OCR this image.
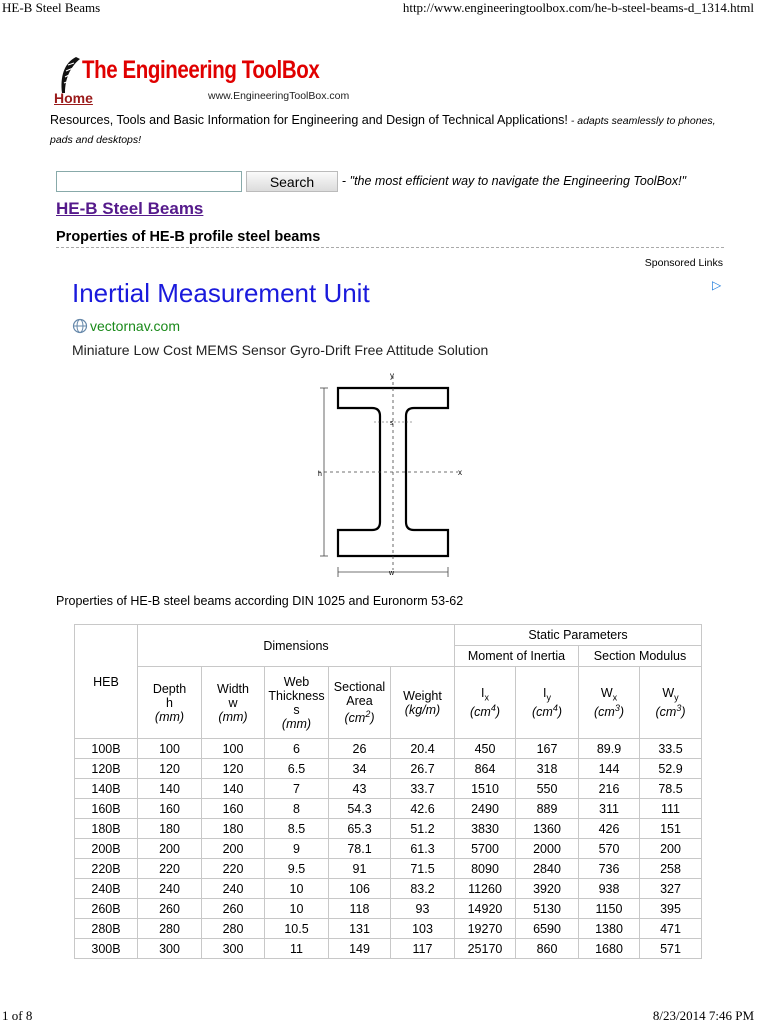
HE-B Steel Beams	http://www.engineeringtoolbox.com/he-b-steel-beams-d_1314.html
The Engineering ToolBox
www.EngineeringToolBox.com
Home
Resources, Tools and Basic Information for Engineering and Design of Technical Applications! - adapts seamlessly to phones, pads and desktops!
Search	- "the most efficient way to navigate the Engineering ToolBox!"
HE-B Steel Beams
Properties of HE-B profile steel beams
Sponsored Links
Inertial Measurement Unit
vectornav.com
Miniature Low Cost MEMS Sensor Gyro-Drift Free Attitude Solution
▷
y
x
s
h
w
Properties of HE-B steel beams according DIN 1025 and Euronorm 53-62
HEB	Dimensions					Static Parameters			
						Moment of Inertia		Section Modulus	
	Depth
h
(mm)	Width
w
(mm)	Web
Thickness
s
(mm)	Sectional
Area
$(cm^2)$	Weight
(kg/m)	$I_x$
$(cm^4)$	$I_y$
$(cm^4)$	$W_x$
$(cm^3)$	$W_y$
$(cm^3)$
100B	100	100	6	26	20.4	450	167	89.9	33.5
120B	120	120	6.5	34	26.7	864	318	144	52.9
140B	140	140	7	43	33.7	1510	550	216	78.5
160B	160	160	8	54.3	42.6	2490	889	311	111
180B	180	180	8.5	65.3	51.2	3830	1360	426	151
200B	200	200	9	78.1	61.3	5700	2000	570	200
220B	220	220	9.5	91	71.5	8090	2840	736	258
240B	240	240	10	106	83.2	11260	3920	938	327
260B	260	260	10	118	93	14920	5130	1150	395
280B	280	280	10.5	131	103	19270	6590	1380	471
300B	300	300	11	149	117	25170	860	1680	571
1 of 8	8/23/2014 7:46 PM
